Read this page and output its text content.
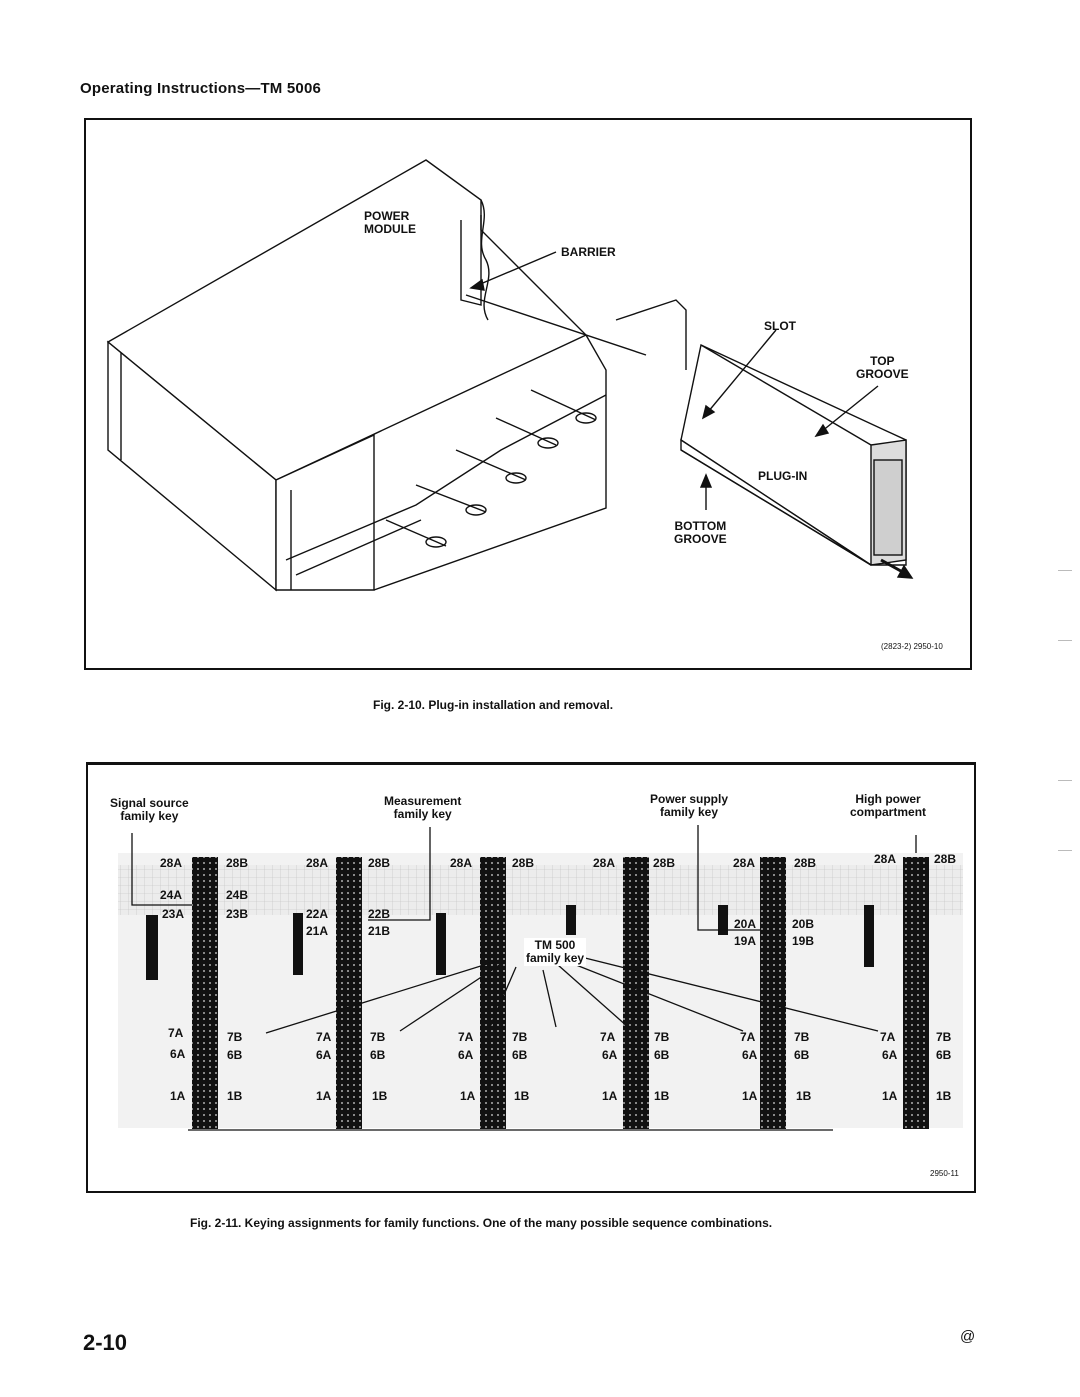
Operating Instructions—TM 5006
POWER
MODULE
BARRIER
SLOT
TOP
GROOVE
PLUG-IN
BOTTOM
GROOVE
(2823-2) 2950-10
Fig. 2-10. Plug-in installation and removal.
Signal source
family key
Measurement
family key
Power supply
family key
High power
compartment
TM 500
family key
28A	28B
24A	24B
23A	23B
7A	7B
6A	6B
1A	1B
28A	28B
22A	22B
21A	21B
7A	7B
6A	6B
1A	1B
28A	28B
7A	7B
6A	6B
1A	1B
28A	28B
7A	7B
6A	6B
1A	1B
28A	28B
20A	20B
19A	19B
7A	7B
6A	6B
1A	1B
28A	28B
7A	7B
6A	6B
1A	1B
2950-11
Fig. 2-11. Keying assignments for family functions. One of the many possible sequence combinations.
2-10	@
